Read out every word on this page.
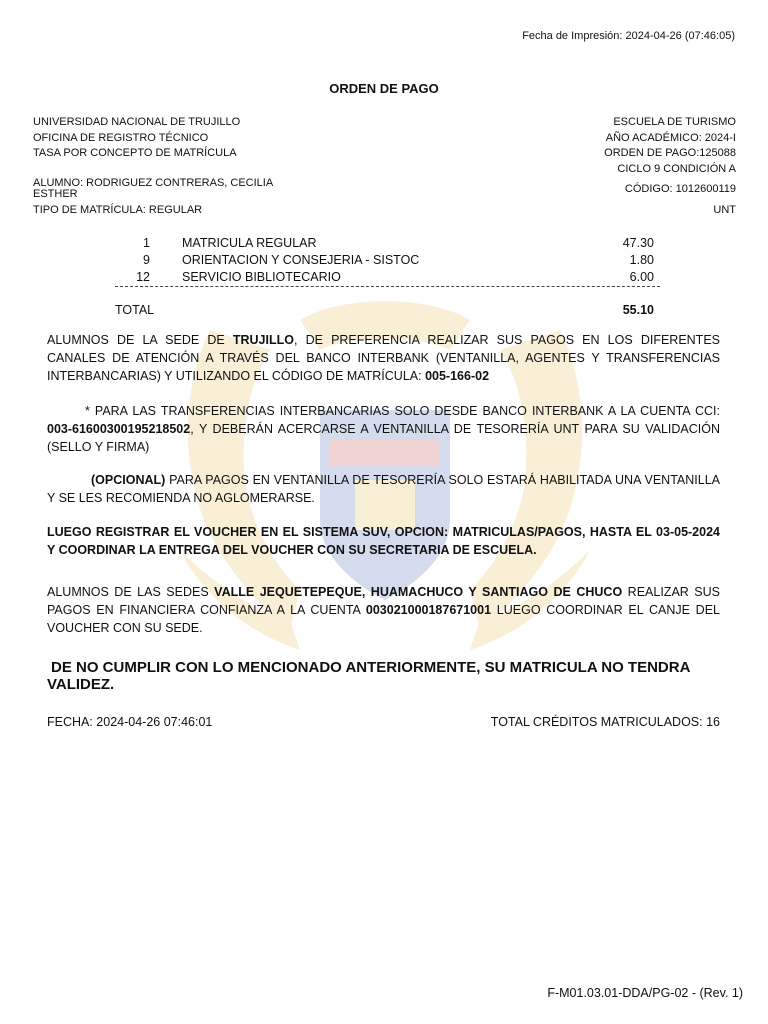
Fecha de Impresión: 2024-04-26 (07:46:05)
ORDEN DE PAGO
UNIVERSIDAD NACIONAL DE TRUJILLO
OFICINA DE REGISTRO TÉCNICO
TASA POR CONCEPTO DE MATRÍCULA
ESCUELA DE TURISMO
AÑO ACADÉMICO: 2024-I
ORDEN DE PAGO:125088
CICLO 9 CONDICIÓN A
ALUMNO: RODRIGUEZ CONTRERAS, CECILIA
ESTHER	CÓDIGO: 1012600119
TIPO DE MATRÍCULA: REGULAR	UNT
1	MATRICULA REGULAR	47.30
9	ORIENTACION Y CONSEJERIA - SISTOC	1.80
12	SERVICIO BIBLIOTECARIO	6.00
TOTAL	55.10
ALUMNOS DE LA SEDE DE TRUJILLO, DE PREFERENCIA REALIZAR SUS PAGOS EN LOS DIFERENTES CANALES DE ATENCIÓN A TRAVÉS DEL BANCO INTERBANK (VENTANILLA, AGENTES Y TRANSFERENCIAS INTERBANCARIAS) Y UTILIZANDO EL CÓDIGO DE MATRÍCULA: 005-166-02
* PARA LAS TRANSFERENCIAS INTERBANCARIAS SOLO DESDE BANCO INTERBANK A LA CUENTA CCI: 003-61600300195218502, Y DEBERÁN ACERCARSE A VENTANILLA DE TESORERÍA UNT PARA SU VALIDACIÓN (SELLO Y FIRMA)
(OPCIONAL) PARA PAGOS EN VENTANILLA DE TESORERÍA SOLO ESTARÁ HABILITADA UNA VENTANILLA Y SE LES RECOMIENDA NO AGLOMERARSE.
LUEGO REGISTRAR EL VOUCHER EN EL SISTEMA SUV, OPCION: MATRICULAS/PAGOS, HASTA EL 03-05-2024 Y COORDINAR LA ENTREGA DEL VOUCHER CON SU SECRETARIA DE ESCUELA.
ALUMNOS DE LAS SEDES VALLE JEQUETEPEQUE, HUAMACHUCO Y SANTIAGO DE CHUCO REALIZAR SUS PAGOS EN FINANCIERA CONFIANZA A LA CUENTA 003021000187671001 LUEGO COORDINAR EL CANJE DEL VOUCHER CON SU SEDE.
DE NO CUMPLIR CON LO MENCIONADO ANTERIORMENTE, SU MATRICULA NO TENDRA VALIDEZ.
FECHA: 2024-04-26 07:46:01	TOTAL CRÉDITOS MATRICULADOS: 16
F-M01.03.01-DDA/PG-02 - (Rev. 1)
